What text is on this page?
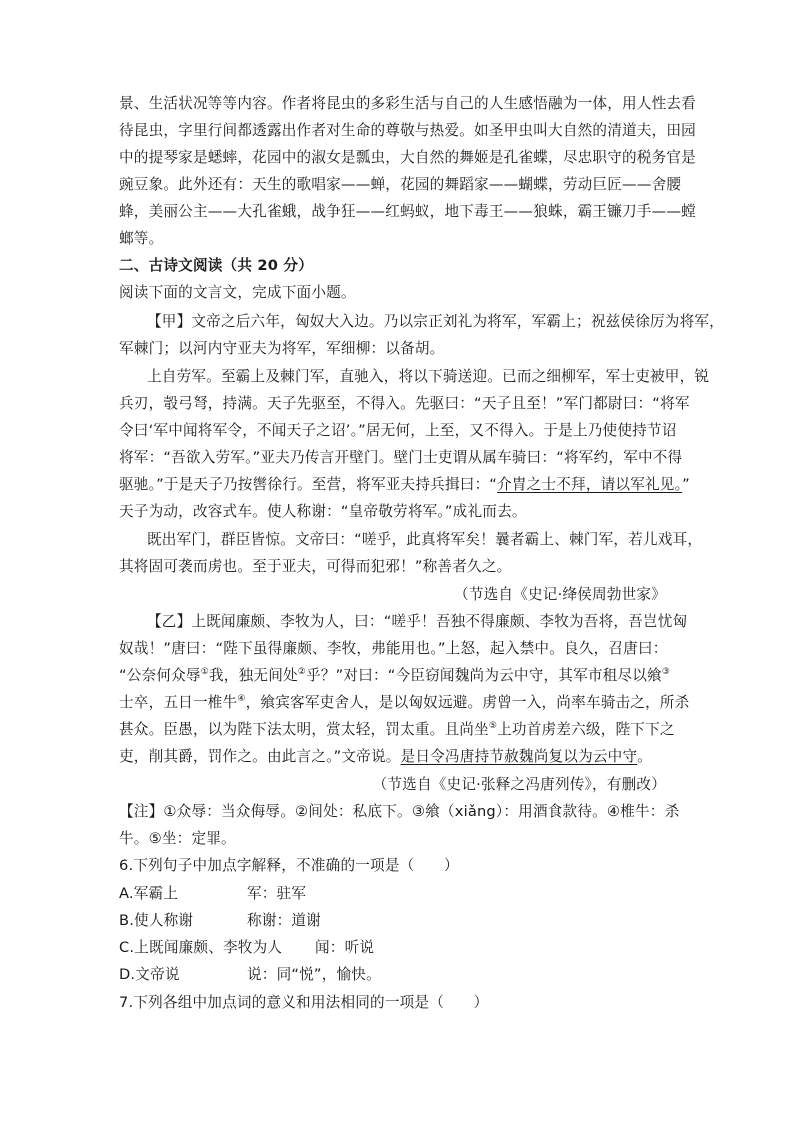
景、生活状况等等内容。作者将昆虫的多彩生活与自己的人生感悟融为一体，用人性去看
待昆虫，字里行间都透露出作者对生命的尊敬与热爱。如圣甲虫叫大自然的清道夫，田园
中的提琴家是蟋蟀，花园中的淑女是瓢虫，大自然的舞姬是孔雀蝶，尽忠职守的税务官是
豌豆象。此外还有：天生的歌唱家——蝉，花园的舞蹈家——蝴蝶，劳动巨匠——舍腰
蜂，美丽公主——大孔雀蛾，战争狂——红蚂蚁，地下毒王——狼蛛，霸王镰刀手——螳
螂等。
二、古诗文阅读（共 20 分）
阅读下面的文言文，完成下面小题。
【甲】文帝之后六年，匈奴大入边。乃以宗正刘礼为将军，军霸上；祝兹侯徐厉为将军，
军棘门；以河内守亚夫为将军，军细柳：以备胡。
上自劳军。至霸上及棘门军，直驰入，将以下骑送迎。已而之细柳军，军士吏被甲，锐
兵刃，彀弓弩，持满。天子先驱至，不得入。先驱曰：“天子且至！”军门都尉曰：“将军
令曰‘军中闻将军令，不闻天子之诏’。”居无何，上至，又不得入。于是上乃使使持节诏
将军：“吾欲入劳军。”亚夫乃传言开壁门。壁门士吏谓从属车骑曰：“将军约，军中不得
驱驰。”于是天子乃按辔徐行。至营，将军亚夫持兵揖曰：“介胄之士不拜，请以军礼见。”
天子为动，改容式车。使人称谢：“皇帝敬劳将军。”成礼而去。
既出军门，群臣皆惊。文帝曰：“嗟乎，此真将军矣！曩者霸上、棘门军，若儿戏耳，
其将固可袭而虏也。至于亚夫，可得而犯邪！”称善者久之。
（节选自《史记·绛侯周勃世家》
【乙】上既闻廉颇、李牧为人，曰：“嗟乎！吾独不得廉颇、李牧为吾将，吾岂忧匈
奴哉！”唐曰：“陛下虽得廉颇、李牧，弗能用也。”上怒，起入禁中。良久，召唐曰：
“公奈何众辱①我，独无间处②乎？”对曰：“今臣窃闻魏尚为云中守，其军市租尽以飨③
士卒，五日一椎牛④，飨宾客军吏舍人，是以匈奴远避。虏曾一入，尚率车骑击之，所杀
甚众。臣愚，以为陛下法太明，赏太轻，罚太重。且尚坐⑤上功首虏差六级，陛下下之
吏，削其爵，罚作之。由此言之。”文帝说。是日令冯唐持节赦魏尚复以为云中守。
（节选自《史记·张释之冯唐列传》，有删改）
【注】①众辱：当众侮辱。②间处：私底下。③飨（xiǎng）：用酒食款待。④椎牛：杀
牛。⑤坐：定罪。
6.下列句子中加点字解释，不准确的一项是（　　）
A.军霸上	军：驻军
B.使人称谢	称谢：道谢
C.上既闻廉颇、李牧为人 闻：听说
D.文帝说	说：同“悦”，愉快。
7.下列各组中加点词的意义和用法相同的一项是（　　）
